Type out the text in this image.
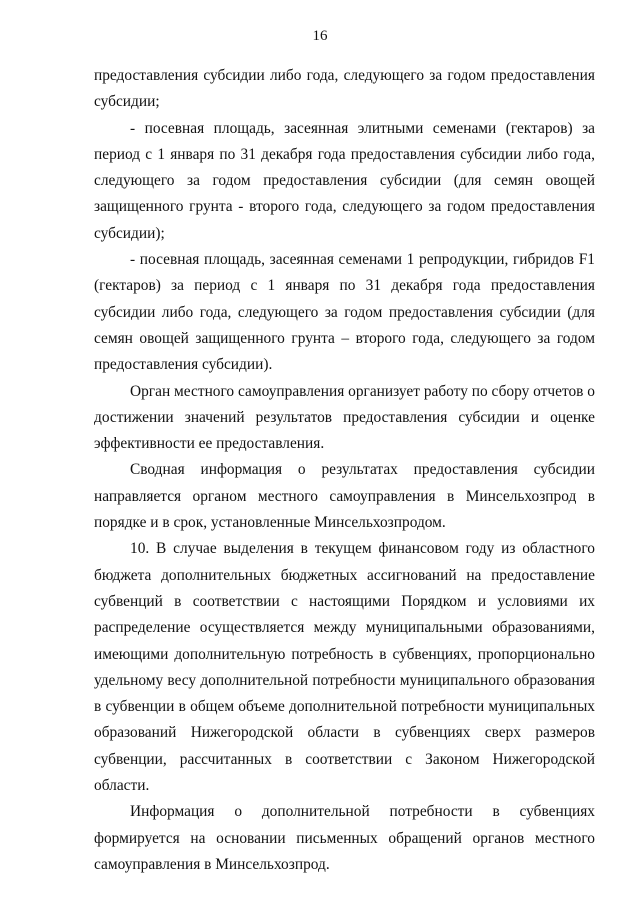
16

предоставления субсидии либо года, следующего за годом предоставления субсидии;

- посевная площадь, засеянная элитными семенами (гектаров) за период с 1 января по 31 декабря года предоставления субсидии либо года, следующего за годом предоставления субсидии (для семян овощей защищенного грунта - второго года, следующего за годом предоставления субсидии);

- посевная площадь, засеянная семенами 1 репродукции, гибридов F1 (гектаров) за период с 1 января по 31 декабря года предоставления субсидии либо года, следующего за годом предоставления субсидии (для семян овощей защищенного грунта – второго года, следующего за годом предоставления субсидии).

Орган местного самоуправления организует работу по сбору отчетов о достижении значений результатов предоставления субсидии и оценке эффективности ее предоставления.

Сводная информация о результатах предоставления субсидии направляется органом местного самоуправления в Минсельхозпрод в порядке и в срок, установленные Минсельхозпродом.

10. В случае выделения в текущем финансовом году из областного бюджета дополнительных бюджетных ассигнований на предоставление субвенций в соответствии с настоящими Порядком и условиями их распределение осуществляется между муниципальными образованиями, имеющими дополнительную потребность в субвенциях, пропорционально удельному весу дополнительной потребности муниципального образования в субвенции в общем объеме дополнительной потребности муниципальных образований Нижегородской области в субвенциях сверх размеров субвенции, рассчитанных в соответствии с Законом Нижегородской области.

Информация о дополнительной потребности в субвенциях формируется на основании письменных обращений органов местного самоуправления в Минсельхозпрод.
